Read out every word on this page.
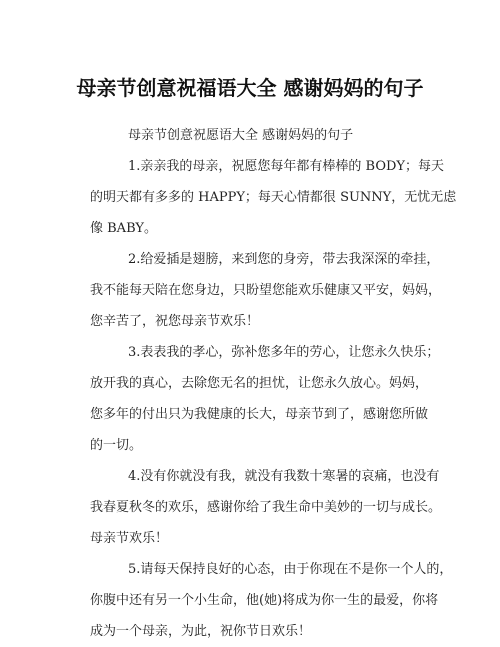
母亲节创意祝福语大全 感谢妈妈的句子
母亲节创意祝愿语大全 感谢妈妈的句子
1.亲亲我的母亲，祝愿您每年都有棒棒的 BODY；每天
的明天都有多多的 HAPPY；每天心情都很 SUNNY，无忧无虑
像 BABY。
2.给爱插是翅膀，来到您的身旁，带去我深深的牵挂，
我不能每天陪在您身边，只盼望您能欢乐健康又平安，妈妈，
您辛苦了，祝您母亲节欢乐！
3.表表我的孝心，弥补您多年的劳心，让您永久快乐；
放开我的真心，去除您无名的担忧，让您永久放心。妈妈，
您多年的付出只为我健康的长大，母亲节到了，感谢您所做
的一切。
4.没有你就没有我，就没有我数十寒暑的哀痛，也没有
我春夏秋冬的欢乐，感谢你给了我生命中美妙的一切与成长。
母亲节欢乐！
5.请每天保持良好的心态，由于你现在不是你一个人的，
你腹中还有另一个小生命，他(她)将成为你一生的最爱，你将
成为一个母亲，为此，祝你节日欢乐！
